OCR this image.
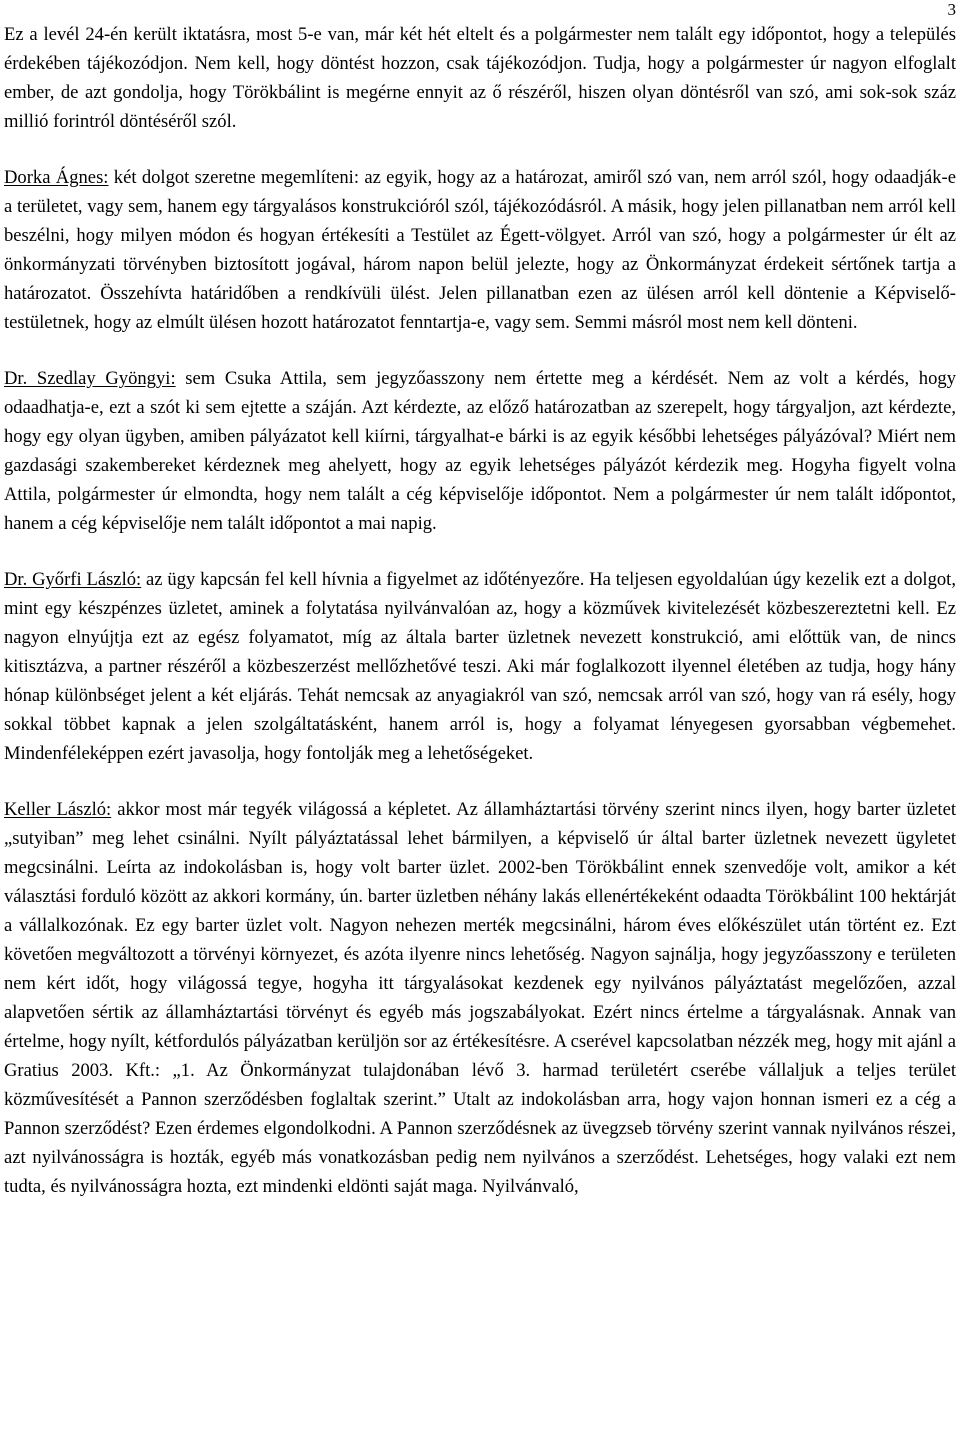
3

Ez a levél 24-én került iktatásra, most 5-e van, már két hét eltelt és a polgármester nem talált egy időpontot, hogy a település érdekében tájékozódjon. Nem kell, hogy döntést hozzon, csak tájékozódjon. Tudja, hogy a polgármester úr nagyon elfoglalt ember, de azt gondolja, hogy Törökbálint is megérne ennyit az ő részéről, hiszen olyan döntésről van szó, ami sok-sok száz millió forintról döntéséről szól.

Dorka Ágnes: két dolgot szeretne megemlíteni: az egyik, hogy az a határozat, amiről szó van, nem arról szól, hogy odaadják-e a területet, vagy sem, hanem egy tárgyalásos konstrukcióról szól, tájékozódásról. A másik, hogy jelen pillanatban nem arról kell beszélni, hogy milyen módon és hogyan értékesíti a Testület az Égett-völgyet. Arról van szó, hogy a polgármester úr élt az önkormányzati törvényben biztosított jogával, három napon belül jelezte, hogy az Önkormányzat érdekeit sértőnek tartja a határozatot. Összehívta határidőben a rendkívüli ülést. Jelen pillanatban ezen az ülésen arról kell döntenie a Képviselő-testületnek, hogy az elmúlt ülésen hozott határozatot fenntartja-e, vagy sem. Semmi másról most nem kell dönteni.

Dr. Szedlay Gyöngyi: sem Csuka Attila, sem jegyzőasszony nem értette meg a kérdését. Nem az volt a kérdés, hogy odaadhatja-e, ezt a szót ki sem ejtette a száján. Azt kérdezte, az előző határozatban az szerepelt, hogy tárgyaljon, azt kérdezte, hogy egy olyan ügyben, amiben pályázatot kell kiírni, tárgyalhat-e bárki is az egyik későbbi lehetséges pályázóval? Miért nem gazdasági szakembereket kérdeznek meg ahelyett, hogy az egyik lehetséges pályázót kérdezik meg. Hogyha figyelt volna Attila, polgármester úr elmondta, hogy nem talált a cég képviselője időpontot. Nem a polgármester úr nem talált időpontot, hanem a cég képviselője nem talált időpontot a mai napig.

Dr. Győrfi László: az ügy kapcsán fel kell hívnia a figyelmet az időtényezőre. Ha teljesen egyoldalúan úgy kezelik ezt a dolgot, mint egy készpénzes üzletet, aminek a folytatása nyilvánvalóan az, hogy a közművek kivitelezését közbeszereztetni kell. Ez nagyon elnyújtja ezt az egész folyamatot, míg az általa barter üzletnek nevezett konstrukció, ami előttük van, de nincs kitisztázva, a partner részéről a közbeszerzést mellőzhetővé teszi. Aki már foglalkozott ilyennel életében az tudja, hogy hány hónap különbséget jelent a két eljárás. Tehát nemcsak az anyagiakról van szó, nemcsak arról van szó, hogy van rá esély, hogy sokkal többet kapnak a jelen szolgáltatásként, hanem arról is, hogy a folyamat lényegesen gyorsabban végbemehet. Mindenféleképpen ezért javasolja, hogy fontolják meg a lehetőségeket.

Keller László: akkor most már tegyék világossá a képletet. Az államháztartási törvény szerint nincs ilyen, hogy barter üzletet „sutyiban” meg lehet csinálni. Nyílt pályáztatással lehet bármilyen, a képviselő úr által barter üzletnek nevezett ügyletet megcsinálni. Leírta az indokolásban is, hogy volt barter üzlet. 2002-ben Törökbálint ennek szenvedője volt, amikor a két választási forduló között az akkori kormány, ún. barter üzletben néhány lakás ellenértékeként odaadta Törökbálint 100 hektárját a vállalkozónak. Ez egy barter üzlet volt. Nagyon nehezen merték megcsinálni, három éves előkészület után történt ez. Ezt követően megváltozott a törvényi környezet, és azóta ilyenre nincs lehetőség. Nagyon sajnálja, hogy jegyzőasszony e területen nem kért időt, hogy világossá tegye, hogyha itt tárgyalásokat kezdenek egy nyilvános pályáztatást megelőzően, azzal alapvetően sértik az államháztartási törvényt és egyéb más jogszabályokat. Ezért nincs értelme a tárgyalásnak. Annak van értelme, hogy nyílt, kétfordulós pályázatban kerüljön sor az értékesítésre. A cserével kapcsolatban nézzék meg, hogy mit ajánl a Gratius 2003. Kft.: „1. Az Önkormányzat tulajdonában lévő 3. harmad területért cserébe vállaljuk a teljes terület közművesítését a Pannon szerződésben foglaltak szerint.” Utalt az indokolásban arra, hogy vajon honnan ismeri ez a cég a Pannon szerződést? Ezen érdemes elgondolkodni. A Pannon szerződésnek az üvegzseb törvény szerint vannak nyilvános részei, azt nyilvánosságra is hozták, egyéb más vonatkozásban pedig nem nyilvános a szerződést. Lehetséges, hogy valaki ezt nem tudta, és nyilvánosságra hozta, ezt mindenki eldönti saját maga. Nyilvánvaló,
